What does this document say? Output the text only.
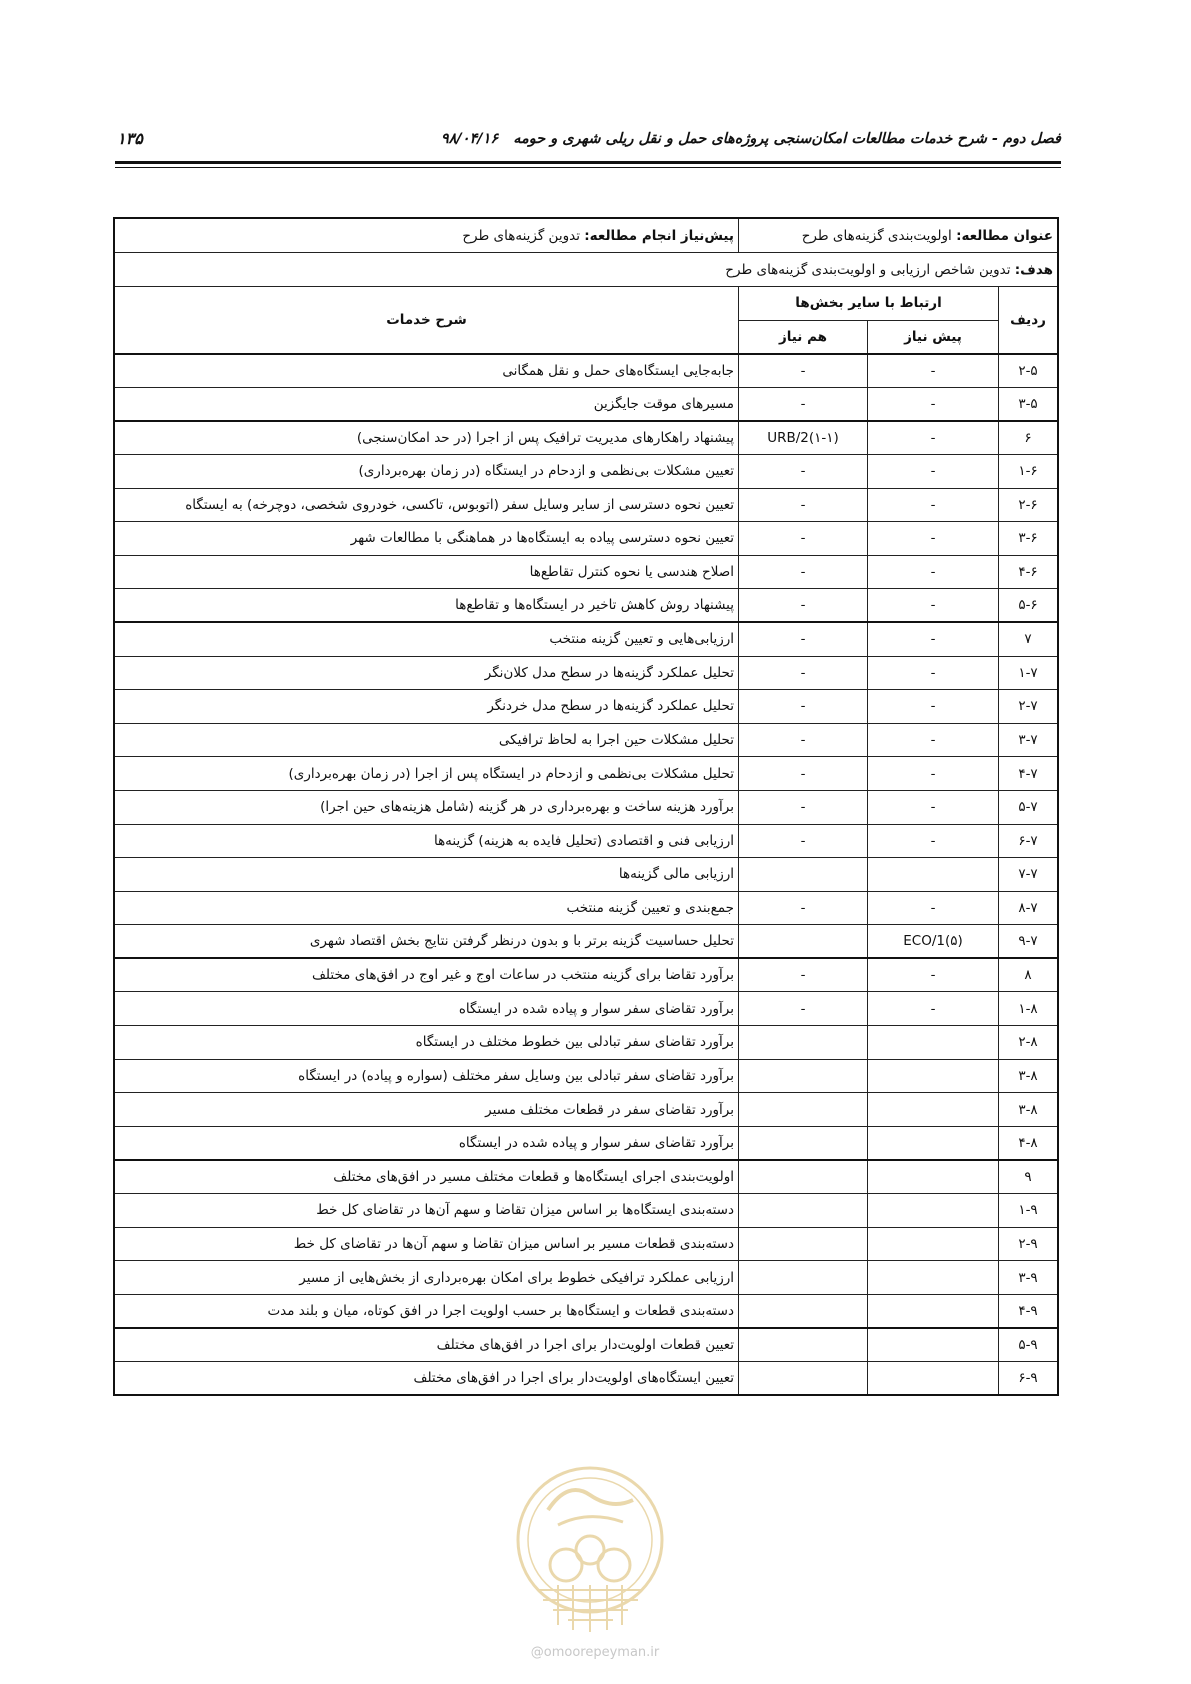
فصل دوم - شرح خدمات مطالعات امکان‌سنجی پروژه‌های حمل و نقل ریلی شهری و حومه ۹۸/۰۴/۱۶
۱۳۵
عنوان مطالعه: اولویت‌بندی گزینه‌های طرح			پیش‌نیاز انجام مطالعه: تدوین گزینه‌های طرح
هدف: تدوین شاخص ارزیابی و اولویت‌بندی گزینه‌های طرح			
ردیف	ارتباط با سایر بخش‌ها		شرح خدمات
	پیش نیاز	هم نیاز	
۲-۵	-	-	جابه‌جایی ایستگاه‌های حمل و نقل همگانی
۳-۵	-	-	مسیرهای موقت جایگزین
۶	-	URB/2(۱-۱)	پیشنهاد راهکارهای مدیریت ترافیک پس از اجرا (در حد امکان‌سنجی)
۱-۶	-	-	تعیین مشکلات بی‌نظمی و ازدحام در ایستگاه (در زمان بهره‌برداری)
۲-۶	-	-	تعیین نحوه دسترسی از سایر وسایل سفر (اتوبوس، تاکسی، خودروی شخصی، دوچرخه) به ایستگاه
۳-۶	-	-	تعیین نحوه دسترسی پیاده به ایستگاه‌ها در هماهنگی با مطالعات شهر
۴-۶	-	-	اصلاح هندسی یا نحوه کنترل تقاطع‌ها
۵-۶	-	-	پیشنهاد روش کاهش تاخیر در ایستگاه‌ها و تقاطع‌ها
۷	-	-	ارزیابی‌هایی و تعیین گزینه منتخب
۱-۷	-	-	تحلیل عملکرد گزینه‌ها در سطح مدل کلان‌نگر
۲-۷	-	-	تحلیل عملکرد گزینه‌ها در سطح مدل خردنگر
۳-۷	-	-	تحلیل مشکلات حین اجرا به لحاظ ترافیکی
۴-۷	-	-	تحلیل مشکلات بی‌نظمی و ازدحام در ایستگاه پس از اجرا (در زمان بهره‌برداری)
۵-۷	-	-	برآورد هزینه ساخت و بهره‌برداری در هر گزینه (شامل هزینه‌های حین اجرا)
۶-۷	-	-	ارزیابی فنی و اقتصادی (تحلیل فایده به هزینه) گزینه‌ها
۷-۷			ارزیابی مالی گزینه‌ها
۸-۷	-	-	جمع‌بندی و تعیین گزینه منتخب
۹-۷	ECO/1(۵)		تحلیل حساسیت گزینه برتر با و بدون درنظر گرفتن نتایج بخش اقتصاد شهری
۸	-	-	برآورد تقاضا برای گزینه منتخب در ساعات اوج و غیر اوج در افق‌های مختلف
۱-۸	-	-	برآورد تقاضای سفر سوار و پیاده شده در ایستگاه
۲-۸			برآورد تقاضای سفر تبادلی بین خطوط مختلف در ایستگاه
۳-۸			برآورد تقاضای سفر تبادلی بین وسایل سفر مختلف (سواره و پیاده) در ایستگاه
۳-۸			برآورد تقاضای سفر در قطعات مختلف مسیر
۴-۸			برآورد تقاضای سفر سوار و پیاده شده در ایستگاه
۹			اولویت‌بندی اجرای ایستگاه‌ها و قطعات مختلف مسیر در افق‌های مختلف
۱-۹			دسته‌بندی ایستگاه‌ها بر اساس میزان تقاضا و سهم آن‌ها در تقاضای کل خط
۲-۹			دسته‌بندی قطعات مسیر بر اساس میزان تقاضا و سهم آن‌ها در تقاضای کل خط
۳-۹			ارزیابی عملکرد ترافیکی خطوط برای امکان بهره‌برداری از بخش‌هایی از مسیر
۴-۹			دسته‌بندی قطعات و ایستگاه‌ها بر حسب اولویت اجرا در افق کوتاه، میان و بلند مدت
۵-۹			تعیین قطعات اولویت‌دار برای اجرا در افق‌های مختلف
۶-۹			تعیین ایستگاه‌های اولویت‌دار برای اجرا در افق‌های مختلف
@omoorepeyman.ir
